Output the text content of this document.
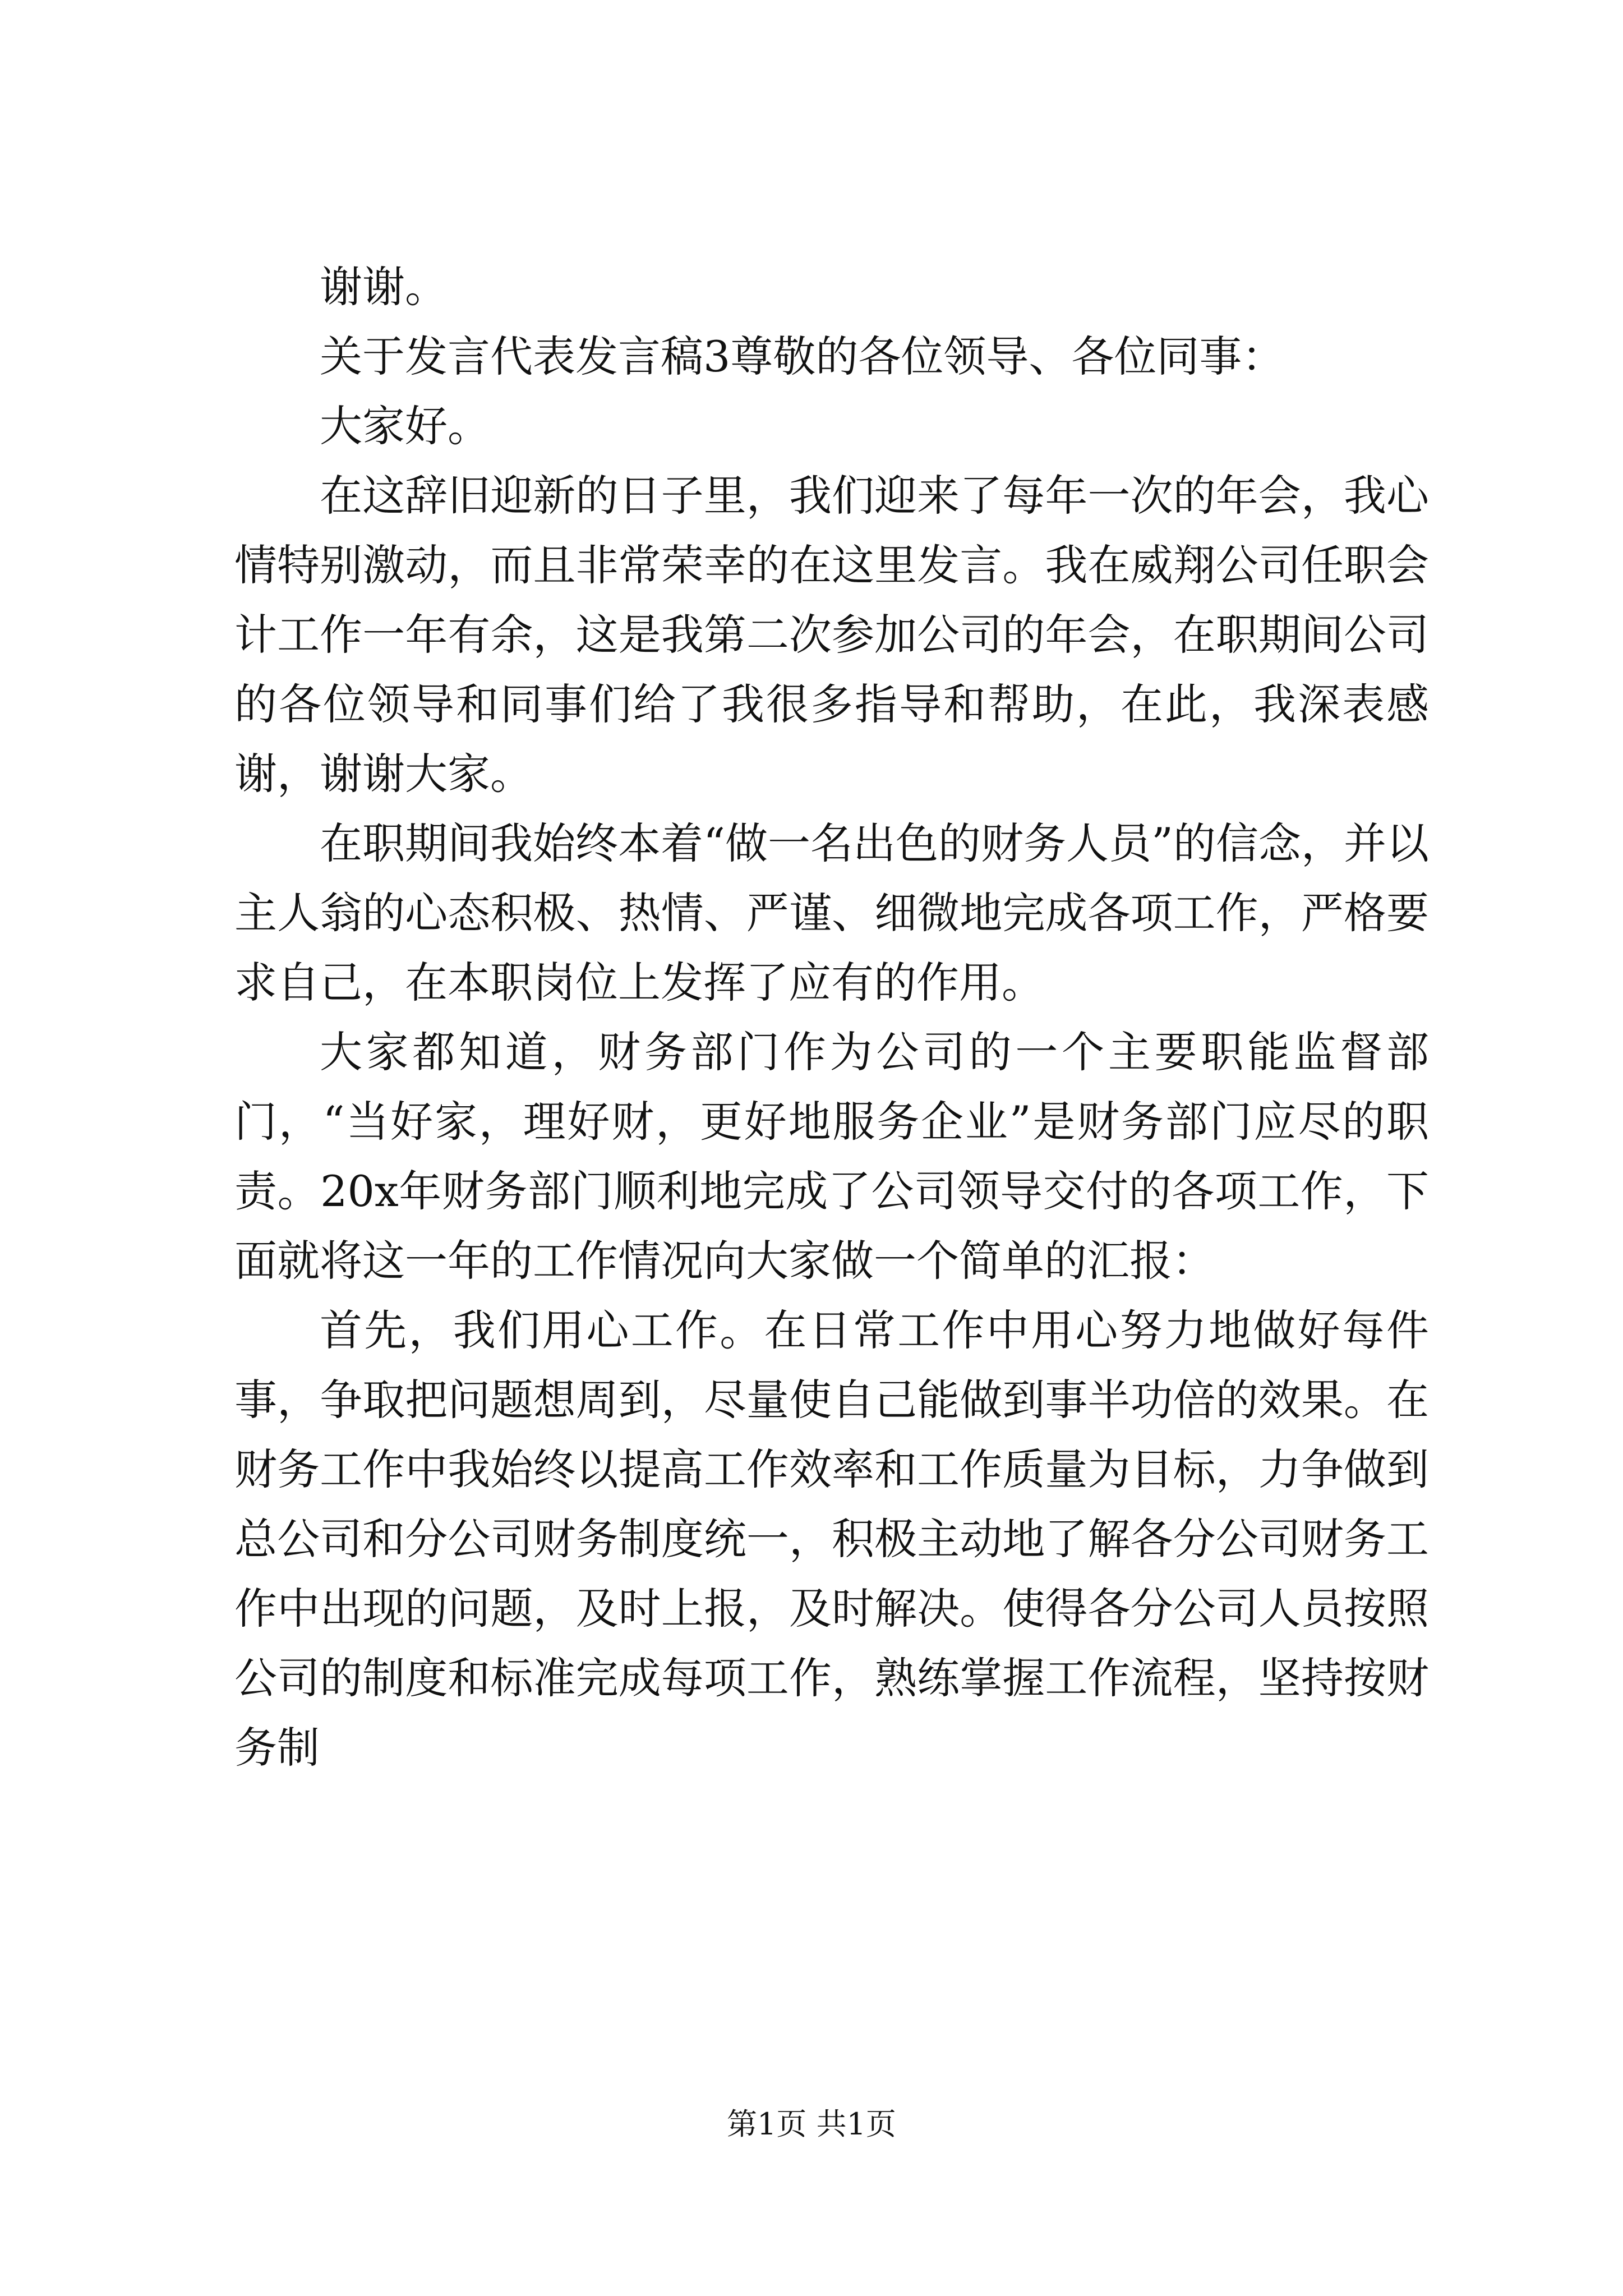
谢谢。

关于发言代表发言稿3尊敬的各位领导、各位同事：

大家好。

在这辞旧迎新的日子里，我们迎来了每年一次的年会，我心情特别激动，而且非常荣幸的在这里发言。我在威翔公司任职会计工作一年有余，这是我第二次参加公司的年会，在职期间公司的各位领导和同事们给了我很多指导和帮助，在此，我深表感谢，谢谢大家。

在职期间我始终本着“做一名出色的财务人员”的信念，并以主人翁的心态积极、热情、严谨、细微地完成各项工作，严格要求自己，在本职岗位上发挥了应有的作用。

大家都知道，财务部门作为公司的一个主要职能监督部门，“当好家，理好财，更好地服务企业”是财务部门应尽的职责。20x年财务部门顺利地完成了公司领导交付的各项工作，下面就将这一年的工作情况向大家做一个简单的汇报：

首先，我们用心工作。在日常工作中用心努力地做好每件事，争取把问题想周到，尽量使自己能做到事半功倍的效果。在财务工作中我始终以提高工作效率和工作质量为目标，力争做到总公司和分公司财务制度统一，积极主动地了解各分公司财务工作中出现的问题，及时上报，及时解决。使得各分公司人员按照公司的制度和标准完成每项工作，熟练掌握工作流程，坚持按财务制

第1页 共1页
